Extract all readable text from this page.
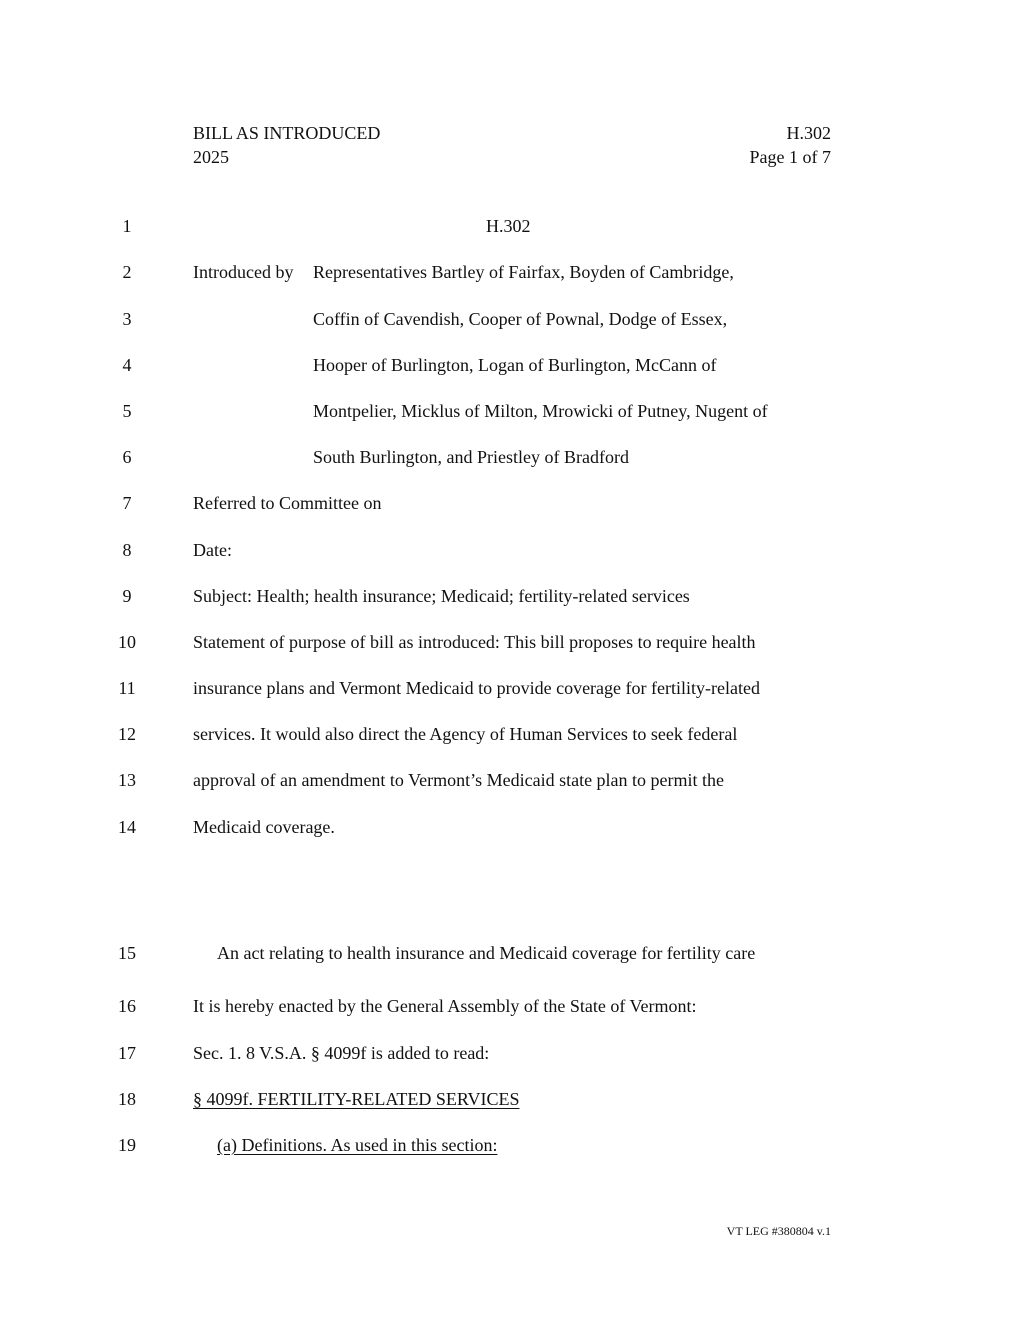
BILL AS INTRODUCED
2025
H.302
Page 1 of 7
1	H.302
2	Introduced by Representatives Bartley of Fairfax, Boyden of Cambridge,
3	Coffin of Cavendish, Cooper of Pownal, Dodge of Essex,
4	Hooper of Burlington, Logan of Burlington, McCann of
5	Montpelier, Micklus of Milton, Mrowicki of Putney, Nugent of
6	South Burlington, and Priestley of Bradford
7	Referred to Committee on
8	Date:
9	Subject: Health; health insurance; Medicaid; fertility-related services
10	Statement of purpose of bill as introduced: This bill proposes to require health
11	insurance plans and Vermont Medicaid to provide coverage for fertility-related
12	services. It would also direct the Agency of Human Services to seek federal
13	approval of an amendment to Vermont’s Medicaid state plan to permit the
14	Medicaid coverage.
15	An act relating to health insurance and Medicaid coverage for fertility care
16	It is hereby enacted by the General Assembly of the State of Vermont:
17	Sec. 1. 8 V.S.A. § 4099f is added to read:
18	§ 4099f. FERTILITY-RELATED SERVICES
19	(a) Definitions. As used in this section:
VT LEG #380804 v.1
